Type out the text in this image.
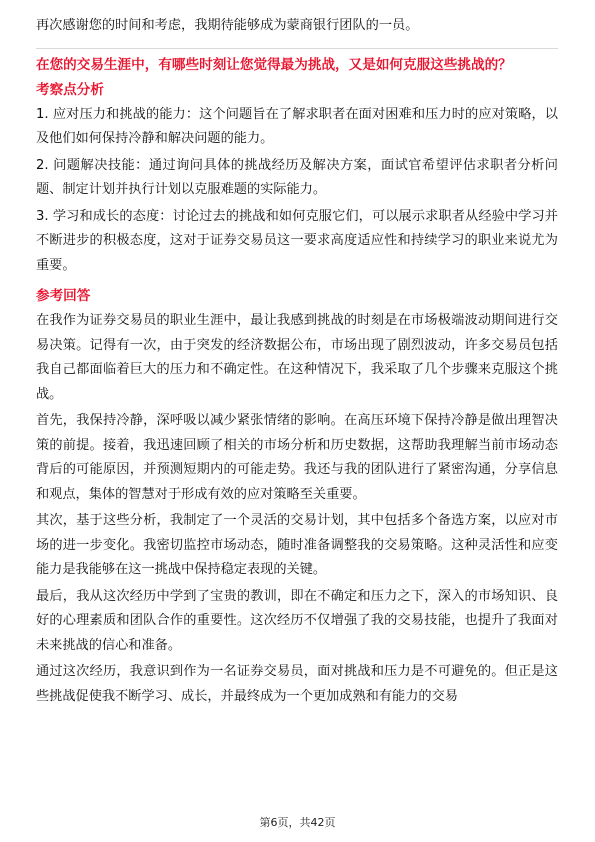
再次感谢您的时间和考虑，我期待能够成为蒙商银行团队的一员。

在您的交易生涯中，有哪些时刻让您觉得最为挑战，又是如何克服这些挑战的？

考察点分析

1. 应对压力和挑战的能力：这个问题旨在了解求职者在面对困难和压力时的应对策略，以及他们如何保持冷静和解决问题的能力。

2. 问题解决技能：通过询问具体的挑战经历及解决方案，面试官希望评估求职者分析问题、制定计划并执行计划以克服难题的实际能力。

3. 学习和成长的态度：讨论过去的挑战和如何克服它们，可以展示求职者从经验中学习并不断进步的积极态度，这对于证券交易员这一要求高度适应性和持续学习的职业来说尤为重要。

参考回答

在我作为证券交易员的职业生涯中，最让我感到挑战的时刻是在市场极端波动期间进行交易决策。记得有一次，由于突发的经济数据公布，市场出现了剧烈波动，许多交易员包括我自己都面临着巨大的压力和不确定性。在这种情况下，我采取了几个步骤来克服这个挑战。

首先，我保持冷静，深呼吸以减少紧张情绪的影响。在高压环境下保持冷静是做出理智决策的前提。接着，我迅速回顾了相关的市场分析和历史数据，这帮助我理解当前市场动态背后的可能原因，并预测短期内的可能走势。我还与我的团队进行了紧密沟通，分享信息和观点，集体的智慧对于形成有效的应对策略至关重要。

其次，基于这些分析，我制定了一个灵活的交易计划，其中包括多个备选方案，以应对市场的进一步变化。我密切监控市场动态，随时准备调整我的交易策略。这种灵活性和应变能力是我能够在这一挑战中保持稳定表现的关键。

最后，我从这次经历中学到了宝贵的教训，即在不确定和压力之下，深入的市场知识、良好的心理素质和团队合作的重要性。这次经历不仅增强了我的交易技能，也提升了我面对未来挑战的信心和准备。

通过这次经历，我意识到作为一名证券交易员，面对挑战和压力是不可避免的。但正是这些挑战促使我不断学习、成长，并最终成为一个更加成熟和有能力的交易

第6页，共42页
